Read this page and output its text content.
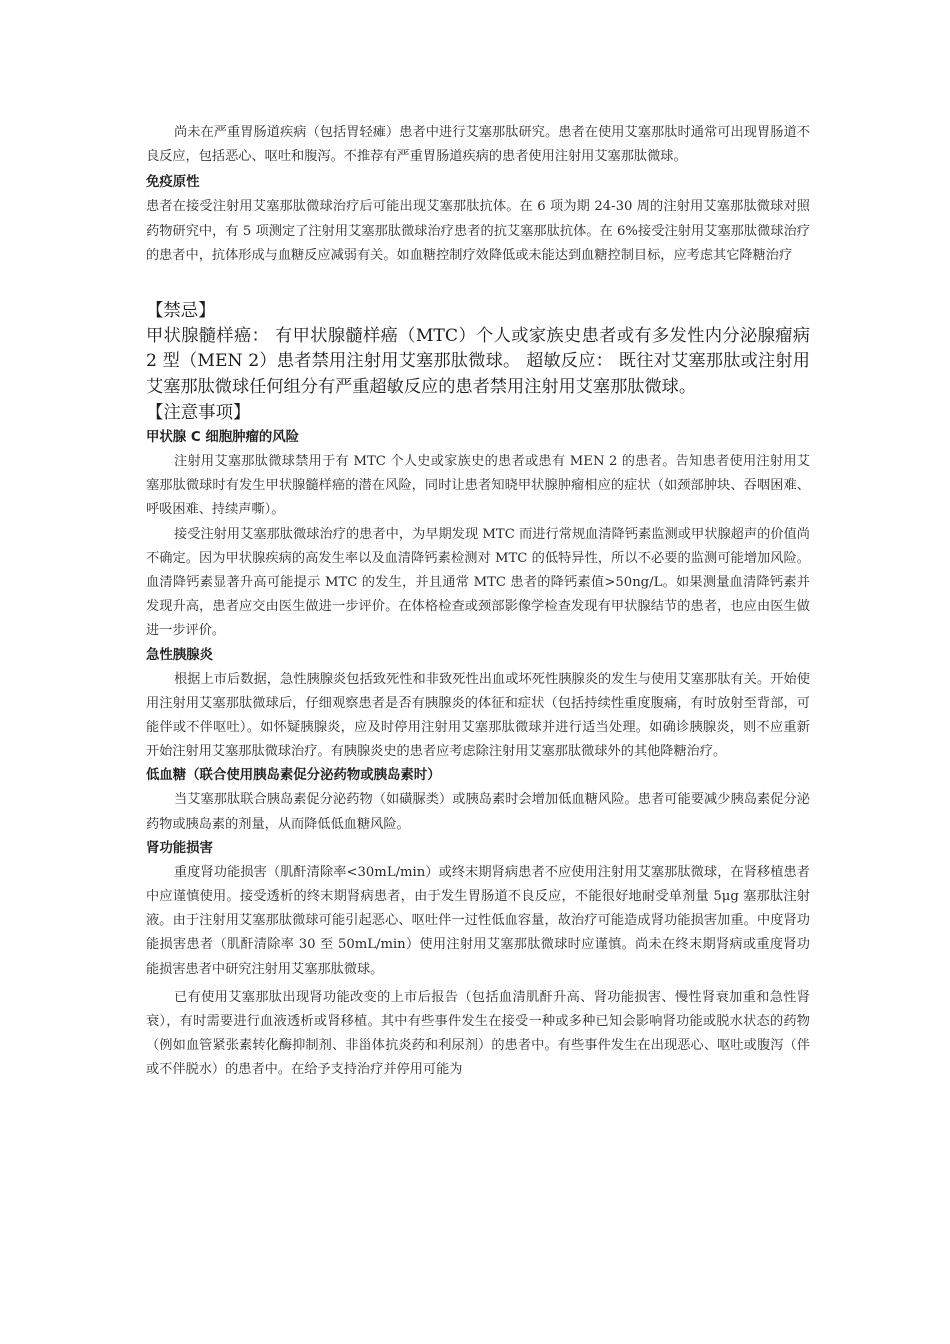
尚未在严重胃肠道疾病（包括胃轻瘫）患者中进行艾塞那肽研究。患者在使用艾塞那肽时通常可出现胃肠道不良反应，包括恶心、呕吐和腹泻。不推荐有严重胃肠道疾病的患者使用注射用艾塞那肽微球。

免疫原性

患者在接受注射用艾塞那肽微球治疗后可能出现艾塞那肽抗体。在 6 项为期 24-30 周的注射用艾塞那肽微球对照药物研究中，有 5 项测定了注射用艾塞那肽微球治疗患者的抗艾塞那肽抗体。在 6%接受注射用艾塞那肽微球治疗的患者中，抗体形成与血糖反应减弱有关。如血糖控制疗效降低或未能达到血糖控制目标，应考虑其它降糖治疗

【禁忌】

甲状腺髓样癌： 有甲状腺髓样癌（MTC）个人或家族史患者或有多发性内分泌腺瘤病 2 型（MEN 2）患者禁用注射用艾塞那肽微球。 超敏反应： 既往对艾塞那肽或注射用艾塞那肽微球任何组分有严重超敏反应的患者禁用注射用艾塞那肽微球。

【注意事项】

甲状腺 C 细胞肿瘤的风险

注射用艾塞那肽微球禁用于有 MTC 个人史或家族史的患者或患有 MEN 2 的患者。告知患者使用注射用艾塞那肽微球时有发生甲状腺髓样癌的潜在风险，同时让患者知晓甲状腺肿瘤相应的症状（如颈部肿块、吞咽困难、呼吸困难、持续声嘶）。

接受注射用艾塞那肽微球治疗的患者中，为早期发现 MTC 而进行常规血清降钙素监测或甲状腺超声的价值尚不确定。因为甲状腺疾病的高发生率以及血清降钙素检测对 MTC 的低特异性，所以不必要的监测可能增加风险。血清降钙素显著升高可能提示 MTC 的发生，并且通常 MTC 患者的降钙素值>50ng/L。如果测量血清降钙素并发现升高，患者应交由医生做进一步评价。在体格检查或颈部影像学检查发现有甲状腺结节的患者，也应由医生做进一步评价。

急性胰腺炎

根据上市后数据，急性胰腺炎包括致死性和非致死性出血或坏死性胰腺炎的发生与使用艾塞那肽有关。开始使用注射用艾塞那肽微球后，仔细观察患者是否有胰腺炎的体征和症状（包括持续性重度腹痛，有时放射至背部，可能伴或不伴呕吐）。如怀疑胰腺炎，应及时停用注射用艾塞那肽微球并进行适当处理。如确诊胰腺炎，则不应重新开始注射用艾塞那肽微球治疗。有胰腺炎史的患者应考虑除注射用艾塞那肽微球外的其他降糖治疗。

低血糖（联合使用胰岛素促分泌药物或胰岛素时）

当艾塞那肽联合胰岛素促分泌药物（如磺脲类）或胰岛素时会增加低血糖风险。患者可能要减少胰岛素促分泌药物或胰岛素的剂量，从而降低低血糖风险。

肾功能损害

重度肾功能损害（肌酐清除率<30mL/min）或终末期肾病患者不应使用注射用艾塞那肽微球，在肾移植患者中应谨慎使用。接受透析的终末期肾病患者，由于发生胃肠道不良反应，不能很好地耐受单剂量 5μg 塞那肽注射液。由于注射用艾塞那肽微球可能引起恶心、呕吐伴一过性低血容量，故治疗可能造成肾功能损害加重。中度肾功能损害患者（肌酐清除率 30 至 50mL/min）使用注射用艾塞那肽微球时应谨慎。尚未在终末期肾病或重度肾功能损害患者中研究注射用艾塞那肽微球。

已有使用艾塞那肽出现肾功能改变的上市后报告（包括血清肌酐升高、肾功能损害、慢性肾衰加重和急性肾衰），有时需要进行血液透析或肾移植。其中有些事件发生在接受一种或多种已知会影响肾功能或脱水状态的药物（例如血管紧张素转化酶抑制剂、非甾体抗炎药和利尿剂）的患者中。有些事件发生在出现恶心、呕吐或腹泻（伴或不伴脱水）的患者中。在给予支持治疗并停用可能为
